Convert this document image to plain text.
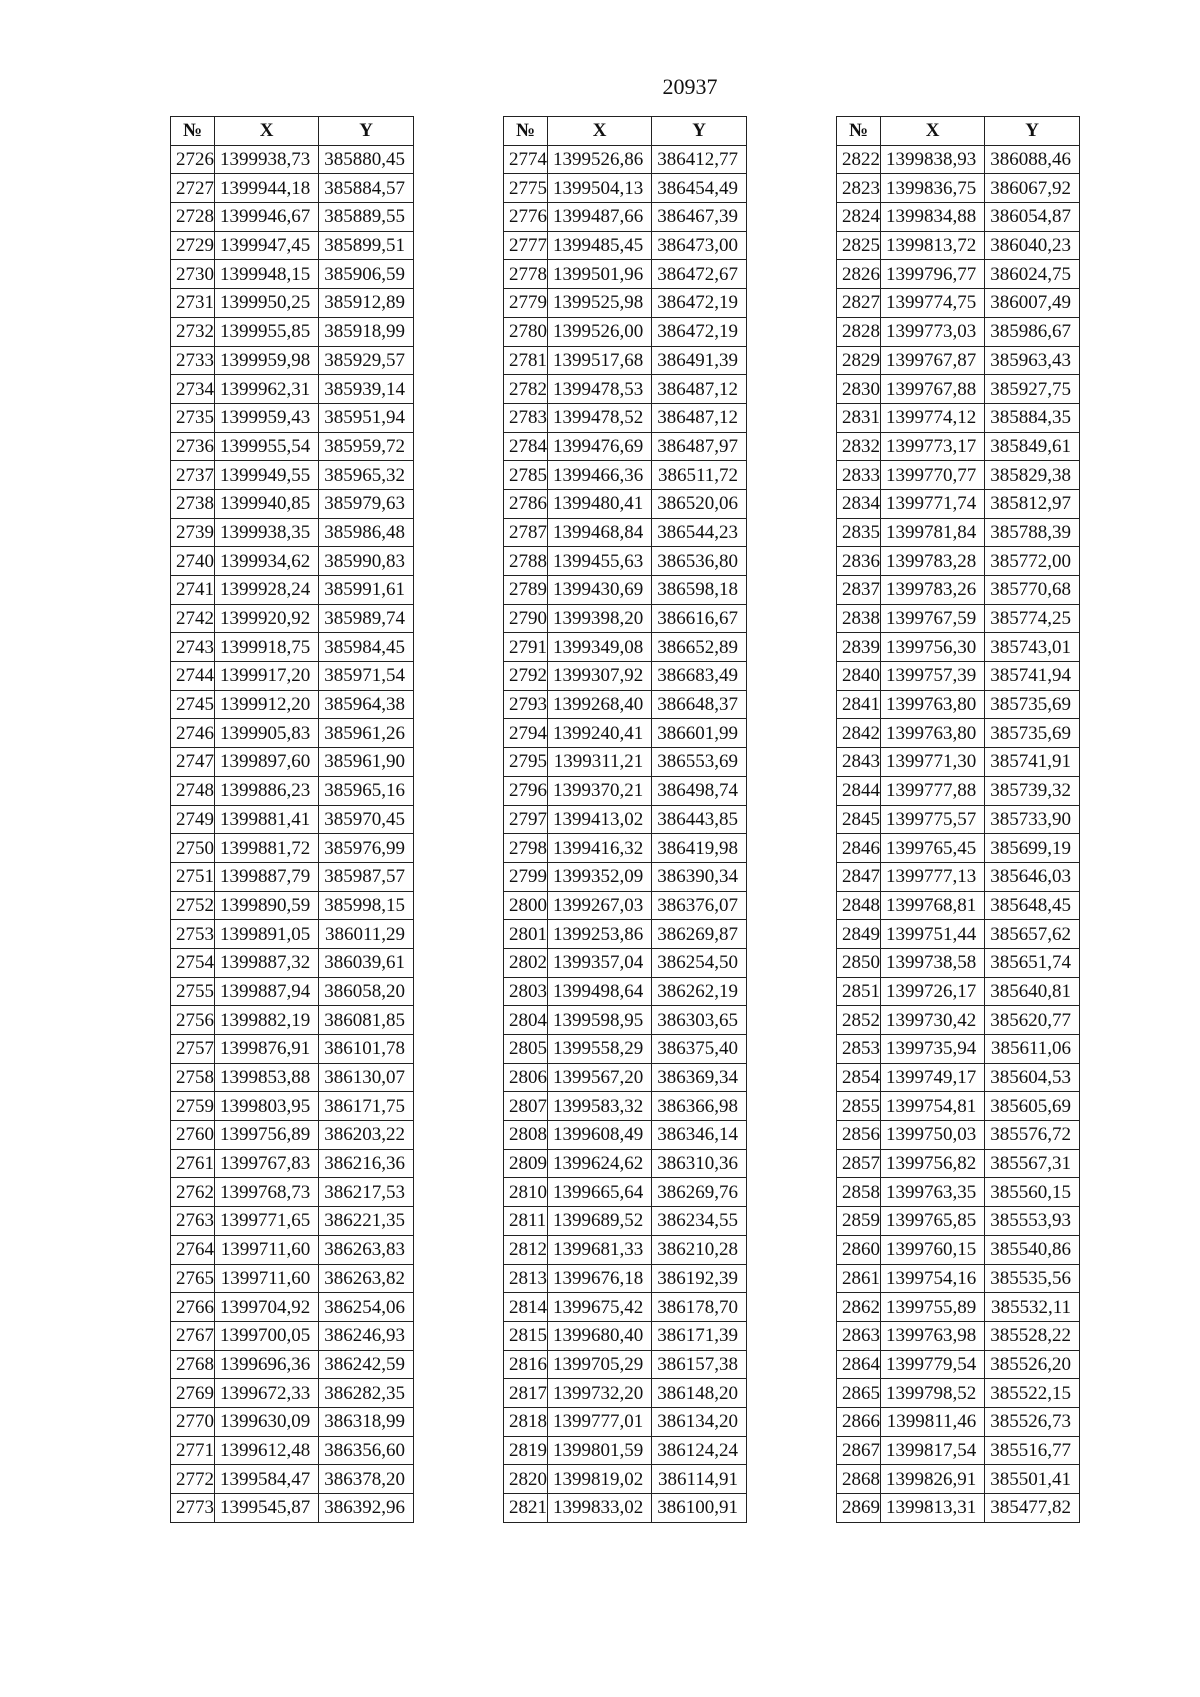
20937
№	X	Y
2726	1399938,73	385880,45
2727	1399944,18	385884,57
2728	1399946,67	385889,55
2729	1399947,45	385899,51
2730	1399948,15	385906,59
2731	1399950,25	385912,89
2732	1399955,85	385918,99
2733	1399959,98	385929,57
2734	1399962,31	385939,14
2735	1399959,43	385951,94
2736	1399955,54	385959,72
2737	1399949,55	385965,32
2738	1399940,85	385979,63
2739	1399938,35	385986,48
2740	1399934,62	385990,83
2741	1399928,24	385991,61
2742	1399920,92	385989,74
2743	1399918,75	385984,45
2744	1399917,20	385971,54
2745	1399912,20	385964,38
2746	1399905,83	385961,26
2747	1399897,60	385961,90
2748	1399886,23	385965,16
2749	1399881,41	385970,45
2750	1399881,72	385976,99
2751	1399887,79	385987,57
2752	1399890,59	385998,15
2753	1399891,05	386011,29
2754	1399887,32	386039,61
2755	1399887,94	386058,20
2756	1399882,19	386081,85
2757	1399876,91	386101,78
2758	1399853,88	386130,07
2759	1399803,95	386171,75
2760	1399756,89	386203,22
2761	1399767,83	386216,36
2762	1399768,73	386217,53
2763	1399771,65	386221,35
2764	1399711,60	386263,83
2765	1399711,60	386263,82
2766	1399704,92	386254,06
2767	1399700,05	386246,93
2768	1399696,36	386242,59
2769	1399672,33	386282,35
2770	1399630,09	386318,99
2771	1399612,48	386356,60
2772	1399584,47	386378,20
2773	1399545,87	386392,96
№	X	Y
2774	1399526,86	386412,77
2775	1399504,13	386454,49
2776	1399487,66	386467,39
2777	1399485,45	386473,00
2778	1399501,96	386472,67
2779	1399525,98	386472,19
2780	1399526,00	386472,19
2781	1399517,68	386491,39
2782	1399478,53	386487,12
2783	1399478,52	386487,12
2784	1399476,69	386487,97
2785	1399466,36	386511,72
2786	1399480,41	386520,06
2787	1399468,84	386544,23
2788	1399455,63	386536,80
2789	1399430,69	386598,18
2790	1399398,20	386616,67
2791	1399349,08	386652,89
2792	1399307,92	386683,49
2793	1399268,40	386648,37
2794	1399240,41	386601,99
2795	1399311,21	386553,69
2796	1399370,21	386498,74
2797	1399413,02	386443,85
2798	1399416,32	386419,98
2799	1399352,09	386390,34
2800	1399267,03	386376,07
2801	1399253,86	386269,87
2802	1399357,04	386254,50
2803	1399498,64	386262,19
2804	1399598,95	386303,65
2805	1399558,29	386375,40
2806	1399567,20	386369,34
2807	1399583,32	386366,98
2808	1399608,49	386346,14
2809	1399624,62	386310,36
2810	1399665,64	386269,76
2811	1399689,52	386234,55
2812	1399681,33	386210,28
2813	1399676,18	386192,39
2814	1399675,42	386178,70
2815	1399680,40	386171,39
2816	1399705,29	386157,38
2817	1399732,20	386148,20
2818	1399777,01	386134,20
2819	1399801,59	386124,24
2820	1399819,02	386114,91
2821	1399833,02	386100,91
№	X	Y
2822	1399838,93	386088,46
2823	1399836,75	386067,92
2824	1399834,88	386054,87
2825	1399813,72	386040,23
2826	1399796,77	386024,75
2827	1399774,75	386007,49
2828	1399773,03	385986,67
2829	1399767,87	385963,43
2830	1399767,88	385927,75
2831	1399774,12	385884,35
2832	1399773,17	385849,61
2833	1399770,77	385829,38
2834	1399771,74	385812,97
2835	1399781,84	385788,39
2836	1399783,28	385772,00
2837	1399783,26	385770,68
2838	1399767,59	385774,25
2839	1399756,30	385743,01
2840	1399757,39	385741,94
2841	1399763,80	385735,69
2842	1399763,80	385735,69
2843	1399771,30	385741,91
2844	1399777,88	385739,32
2845	1399775,57	385733,90
2846	1399765,45	385699,19
2847	1399777,13	385646,03
2848	1399768,81	385648,45
2849	1399751,44	385657,62
2850	1399738,58	385651,74
2851	1399726,17	385640,81
2852	1399730,42	385620,77
2853	1399735,94	385611,06
2854	1399749,17	385604,53
2855	1399754,81	385605,69
2856	1399750,03	385576,72
2857	1399756,82	385567,31
2858	1399763,35	385560,15
2859	1399765,85	385553,93
2860	1399760,15	385540,86
2861	1399754,16	385535,56
2862	1399755,89	385532,11
2863	1399763,98	385528,22
2864	1399779,54	385526,20
2865	1399798,52	385522,15
2866	1399811,46	385526,73
2867	1399817,54	385516,77
2868	1399826,91	385501,41
2869	1399813,31	385477,82
